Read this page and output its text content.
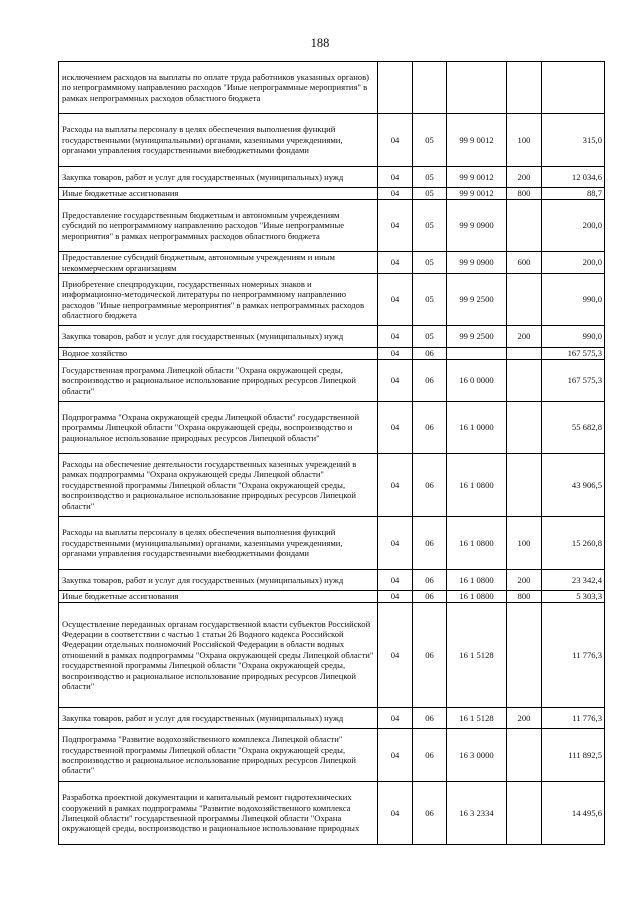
188
исключением расходов на выплаты по оплате труда работников указанных органов) по непрограммному направлению расходов "Иные непрограммные мероприятия" в рамках непрограммных расходов областного бюджета					
Расходы на выплаты персоналу в целях обеспечения выполнения функций государственными (муниципальными) органами, казенными учреждениями, органами управления государственными внебюджетными фондами	04	05	99 9 0012	100	315,0
Закупка товаров, работ и услуг для государственных (муниципальных) нужд	04	05	99 9 0012	200	12 034,6
Иные бюджетные ассигнования	04	05	99 9 0012	800	88,7
Предоставление государственным бюджетным и автономным учреждениям субсидий по непрограммному направлению расходов "Иные непрограммные мероприятия" в рамках непрограммных расходов областного бюджета	04	05	99 9 0900		200,0
Предоставление субсидий бюджетным, автономным учреждениям и иным некоммерческим организациям	04	05	99 9 0900	600	200,0
Приобретение спецпродукции, государственных номерных знаков и информационно-методической литературы по непрограммному направлению расходов "Иные непрограммные мероприятия" в рамках непрограммных расходов областного бюджета	04	05	99 9 2500		990,0
Закупка товаров, работ и услуг для государственных (муниципальных) нужд	04	05	99 9 2500	200	990,0
Водное хозяйство	04	06			167 575,3
Государственная программа Липецкой области "Охрана окружающей среды, воспроизводство и рациональное использование природных ресурсов Липецкой области"	04	06	16 0 0000		167 575,3
Подпрограмма "Охрана окружающей среды Липецкой области" государственной программы Липецкой области "Охрана окружающей среды, воспроизводство и рациональное использование природных ресурсов Липецкой области"	04	06	16 1 0000		55 682,8
Расходы на обеспечение деятельности государственных казенных учреждений в рамках подпрограммы "Охрана окружающей среды Липецкой области" государственной программы Липецкой области "Охрана окружающей среды, воспроизводство и рациональное использование природных ресурсов Липецкой области"	04	06	16 1 0800		43 906,5
Расходы на выплаты персоналу в целях обеспечения выполнения функций государственными (муниципальными) органами, казенными учреждениями, органами управления государственными внебюджетными фондами	04	06	16 1 0800	100	15 260,8
Закупка товаров, работ и услуг для государственных (муниципальных) нужд	04	06	16 1 0800	200	23 342,4
Иные бюджетные ассигнования	04	06	16 1 0800	800	5 303,3
Осуществление переданных органам государственной власти субъектов Российской Федерации в соответствии с частью 1 статьи 26 Водного кодекса Российской Федерации отдельных полномочий Российской Федерации в области водных отношений в рамках подпрограммы "Охрана окружающей среды Липецкой области" государственной программы Липецкой области "Охрана окружающей среды, воспроизводство и рациональное использование природных ресурсов Липецкой области"	04	06	16 1 5128		11 776,3
Закупка товаров, работ и услуг для государственных (муниципальных) нужд	04	06	16 1 5128	200	11 776,3
Подпрограмма "Развитие водохозяйственного комплекса Липецкой области" государственной программы Липецкой области "Охрана окружающей среды, воспроизводство и рациональное использование природных ресурсов Липецкой области"	04	06	16 3 0000		111 892,5
Разработка проектной документации и капитальный ремонт гидротехнических сооружений в рамках подпрограммы "Развитие водохозяйственного комплекса Липецкой области" государственной программы Липецкой области "Охрана окружающей среды, воспроизводство и рациональное использование природных	04	06	16 3 2334		14 495,6
